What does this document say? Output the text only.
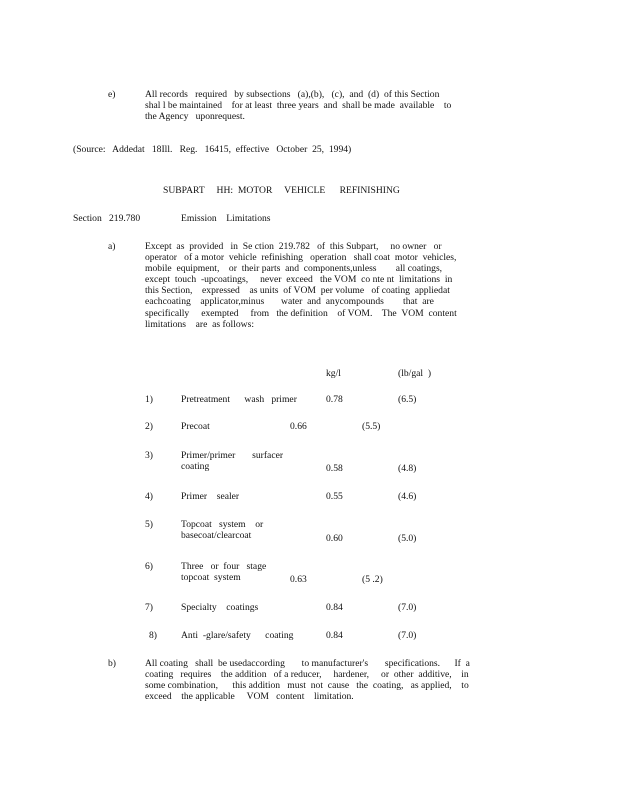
e)	All records   required   by subsections   (a),(b),   (c),  and  (d)  of this Section
shal l be maintained    for at least  three years  and  shall be made  available    to
the Agency   uponrequest.
(Source:   Addedat   18Ill.   Reg.   16415,  effective   October  25,  1994)
SUBPART     HH:  MOTOR     VEHICLE      REFINISHING
Section   219.780	Emission    Limitations
a)	Except  as  provided   in  Se ction  219.782   of  this Subpart,     no owner   or
operator   of a motor  vehicle  refinishing   operation   shall coat  motor  vehicles,
mobile  equipment,    or  their parts  and  components,unless        all coatings,
except  touch  -upcoatings,     never  exceed   the VOM  co nte nt  limitations  in
this Section,    expressed    as units  of VOM  per volume   of coating  appliedat
eachcoating    applicator,minus       water  and  anycompounds        that  are
specifically     exempted     from   the definition    of VOM.    The  VOM  content
limitations    are  as follows:
kg/l	(lb/gal  )
1)	Pretreatment      wash   primer	0.78	(6.5)
2)	Precoat	0.66	(5.5)
3)	Primer/primer       surfacer
coating	0.58	(4.8)
4)	Primer    sealer	0.55	(4.6)
5)	Topcoat   system    or
basecoat/clearcoat	0.60	(5.0)
6)	Three   or  four   stage
topcoat  system	0.63	(5 .2)
7)	Specialty    coatings	0.84	(7.0)
8)	Anti  -glare/safety      coating	0.84	(7.0)
b)	All coating   shall  be usedaccording       to manufacturer's       specifications.      If  a
coating   requires    the addition   of a reducer,     hardener,     or  other  additive,    in
some combination,      this addition   must  not  cause   the  coating,   as applied,    to
exceed    the applicable     VOM   content    limitation.
